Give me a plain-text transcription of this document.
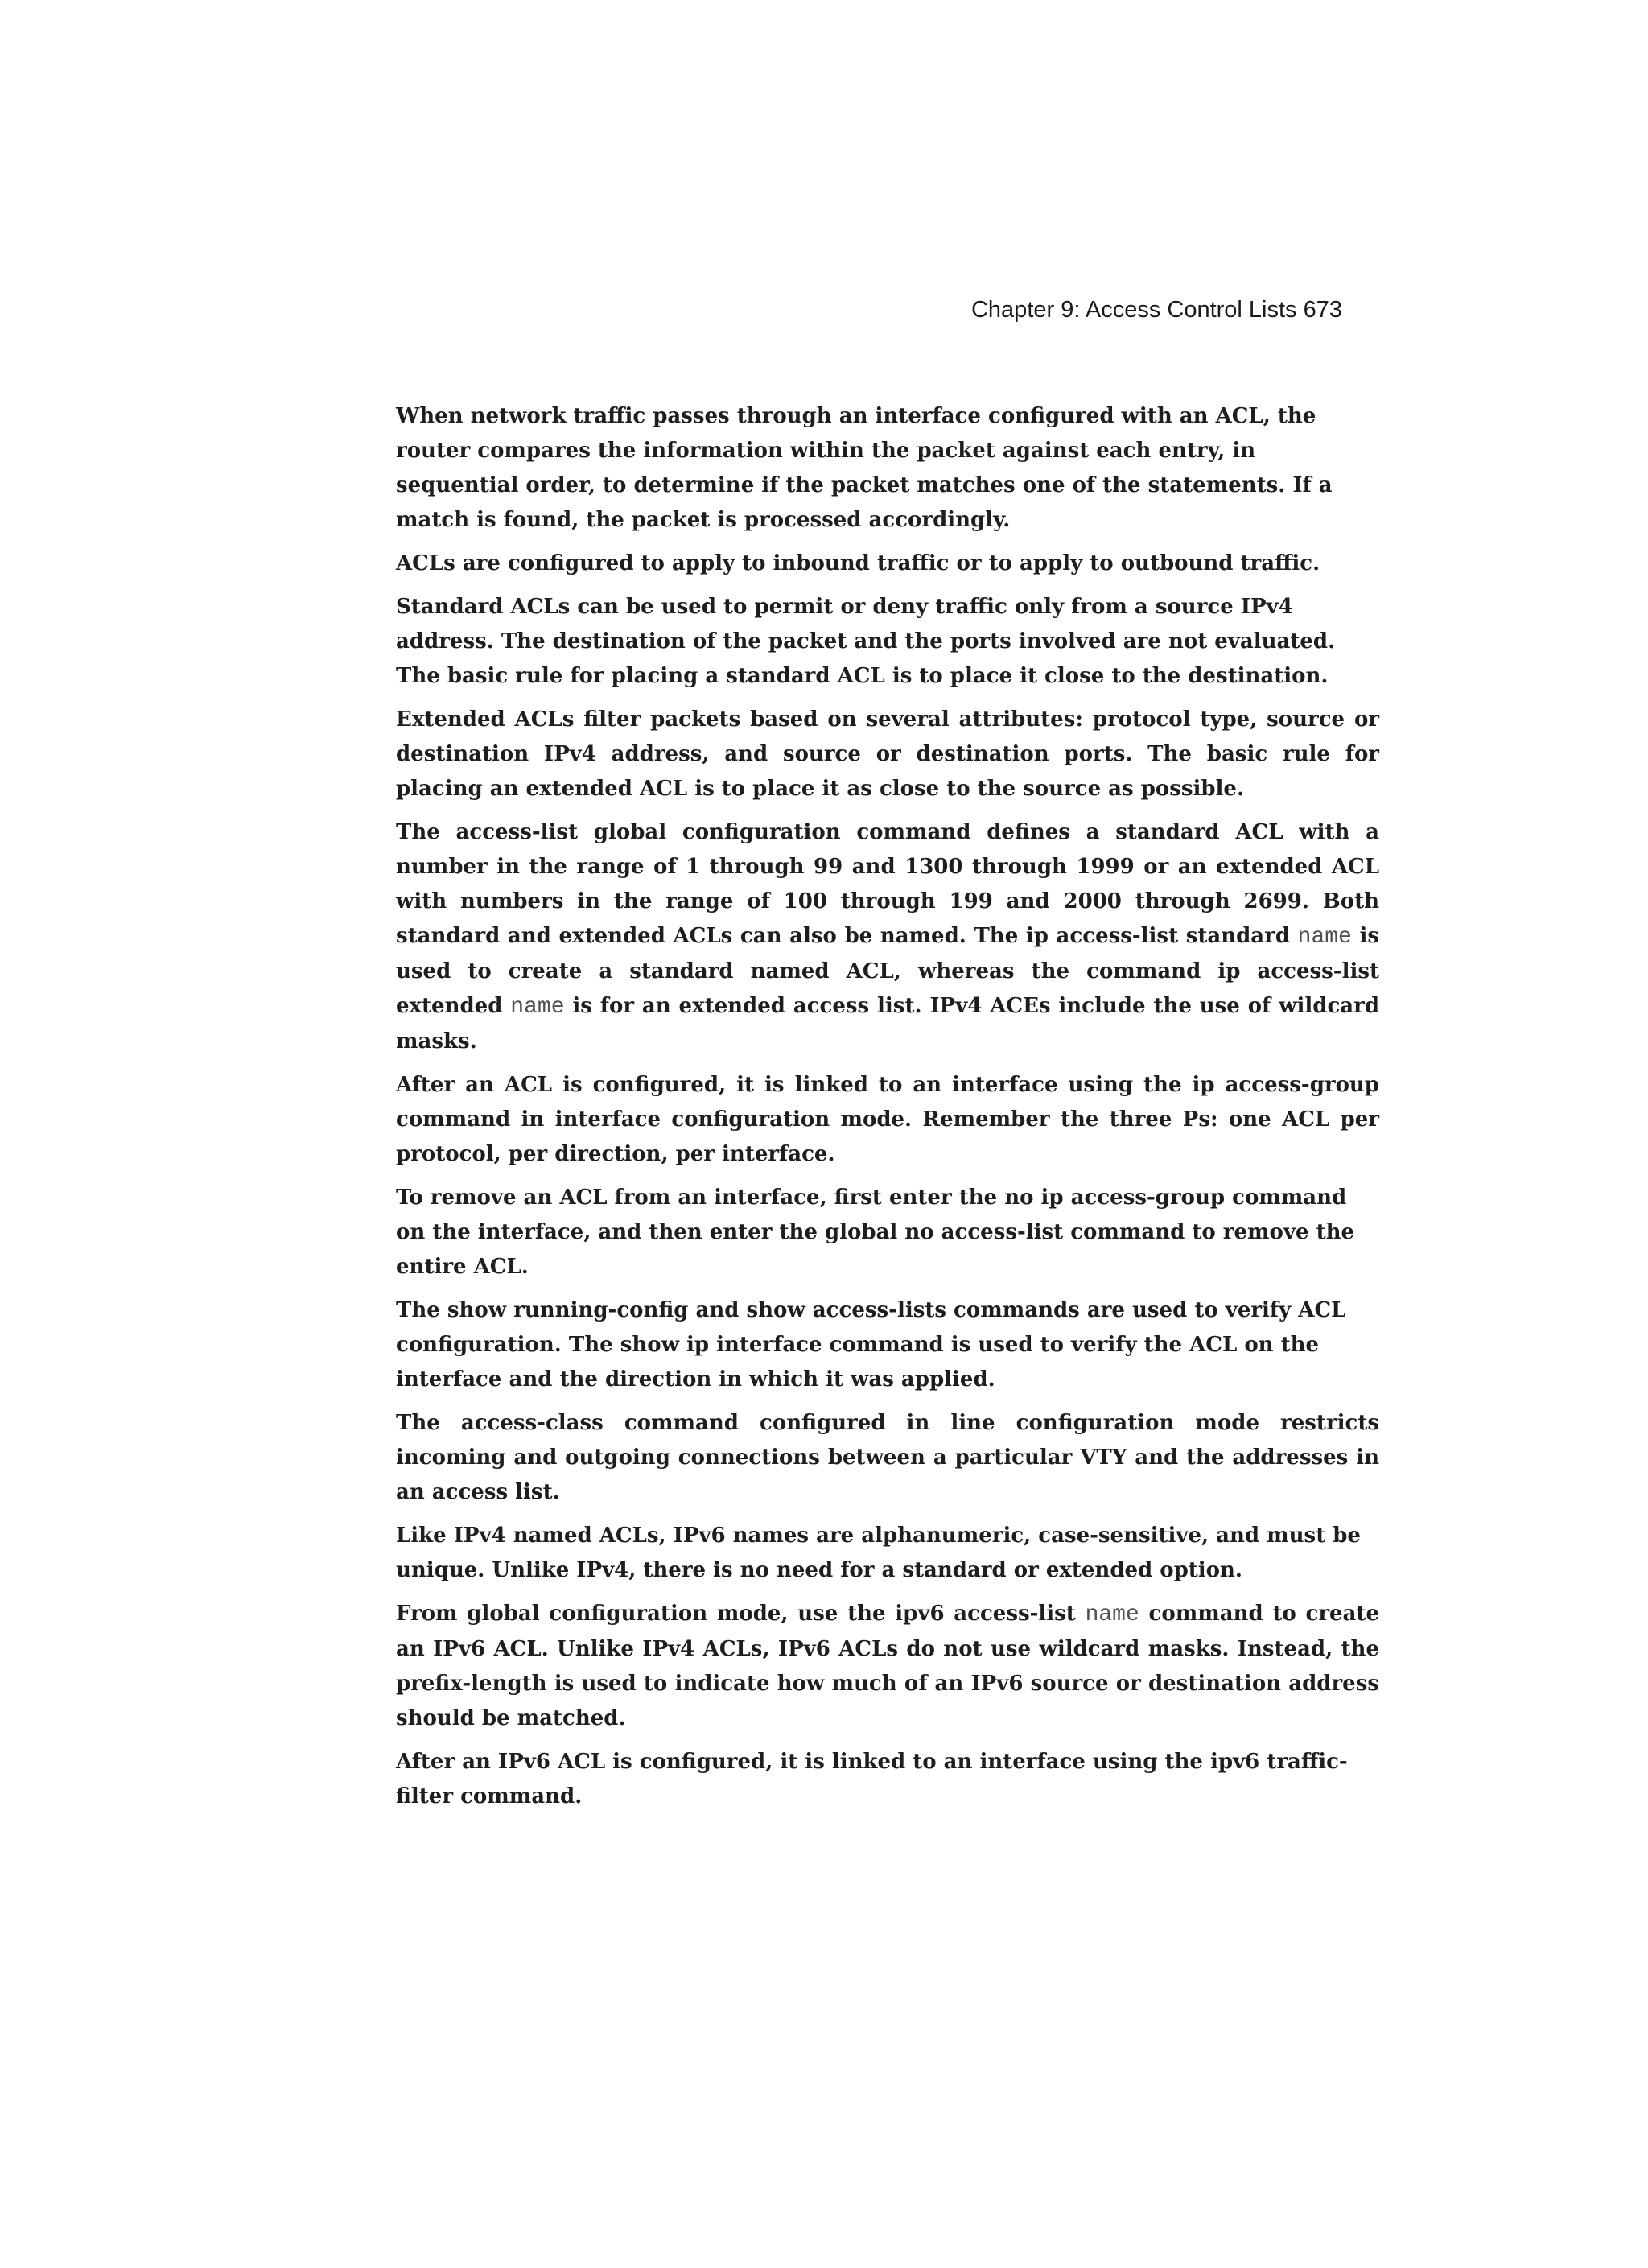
Chapter 9: Access Control Lists 673

When network traffic passes through an interface configured with an ACL, the router compares the information within the packet against each entry, in sequential order, to determine if the packet matches one of the statements. If a match is found, the packet is processed accordingly.

ACLs are configured to apply to inbound traffic or to apply to outbound traffic.

Standard ACLs can be used to permit or deny traffic only from a source IPv4 address. The destination of the packet and the ports involved are not evaluated. The basic rule for placing a standard ACL is to place it close to the destination.

Extended ACLs filter packets based on several attributes: protocol type, source or destination IPv4 address, and source or destination ports. The basic rule for placing an extended ACL is to place it as close to the source as possible.

The access-list global configuration command defines a standard ACL with a number in the range of 1 through 99 and 1300 through 1999 or an extended ACL with numbers in the range of 100 through 199 and 2000 through 2699. Both standard and extended ACLs can also be named. The ip access-list standard name is used to create a standard named ACL, whereas the command ip access-list extended name is for an extended access list. IPv4 ACEs include the use of wildcard masks.

After an ACL is configured, it is linked to an interface using the ip access-group command in interface configuration mode. Remember the three Ps: one ACL per protocol, per direction, per interface.

To remove an ACL from an interface, first enter the no ip access-group command on the interface, and then enter the global no access-list command to remove the entire ACL.

The show running-config and show access-lists commands are used to verify ACL configuration. The show ip interface command is used to verify the ACL on the interface and the direction in which it was applied.

The access-class command configured in line configuration mode restricts incoming and outgoing connections between a particular VTY and the addresses in an access list.

Like IPv4 named ACLs, IPv6 names are alphanumeric, case-sensitive, and must be unique. Unlike IPv4, there is no need for a standard or extended option.

From global configuration mode, use the ipv6 access-list name command to create an IPv6 ACL. Unlike IPv4 ACLs, IPv6 ACLs do not use wildcard masks. Instead, the prefix-length is used to indicate how much of an IPv6 source or destination address should be matched.

After an IPv6 ACL is configured, it is linked to an interface using the ipv6 traffic-filter command.
